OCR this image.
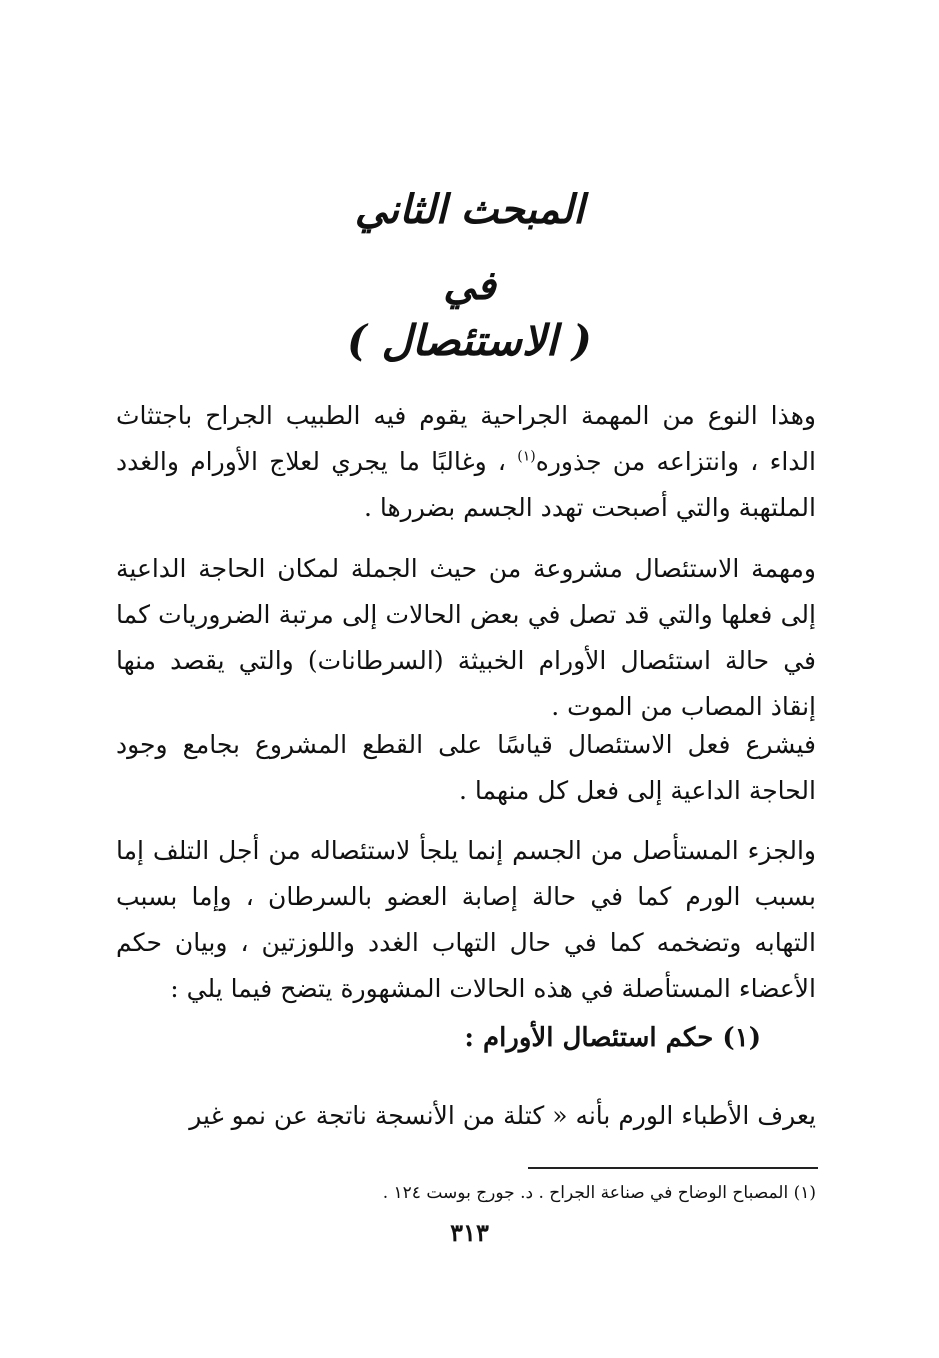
المبحث الثاني
في
( الاستئصال )
وهذا النوع من المهمة الجراحية يقوم فيه الطبيب الجراح باجتثاث الداء ، وانتزاعه من جذوره$^{(١)}$ ، وغالبًا ما يجري لعلاج الأورام والغدد الملتهبة والتي أصبحت تهدد الجسم بضررها .
ومهمة الاستئصال مشروعة من حيث الجملة لمكان الحاجة الداعية إلى فعلها والتي قد تصل في بعض الحالات إلى مرتبة الضروريات كما في حالة استئصال الأورام الخبيثة (السرطانات) والتي يقصد منها إنقاذ المصاب من الموت .
فيشرع فعل الاستئصال قياسًا على القطع المشروع بجامع وجود الحاجة الداعية إلى فعل كل منهما .
والجزء المستأصل من الجسم إنما يلجأ لاستئصاله من أجل التلف إما بسبب الورم كما في حالة إصابة العضو بالسرطان ، وإما بسبب التهابه وتضخمه كما في حال التهاب الغدد واللوزتين ، وبيان حكم الأعضاء المستأصلة في هذه الحالات المشهورة يتضح فيما يلي :
(١) حكم استئصال الأورام :
يعرف الأطباء الورم بأنه « كتلة من الأنسجة ناتجة عن نمو غير
(١) المصباح الوضاح في صناعة الجراح . د. جورج بوست ١٢٤ .
٣١٣
